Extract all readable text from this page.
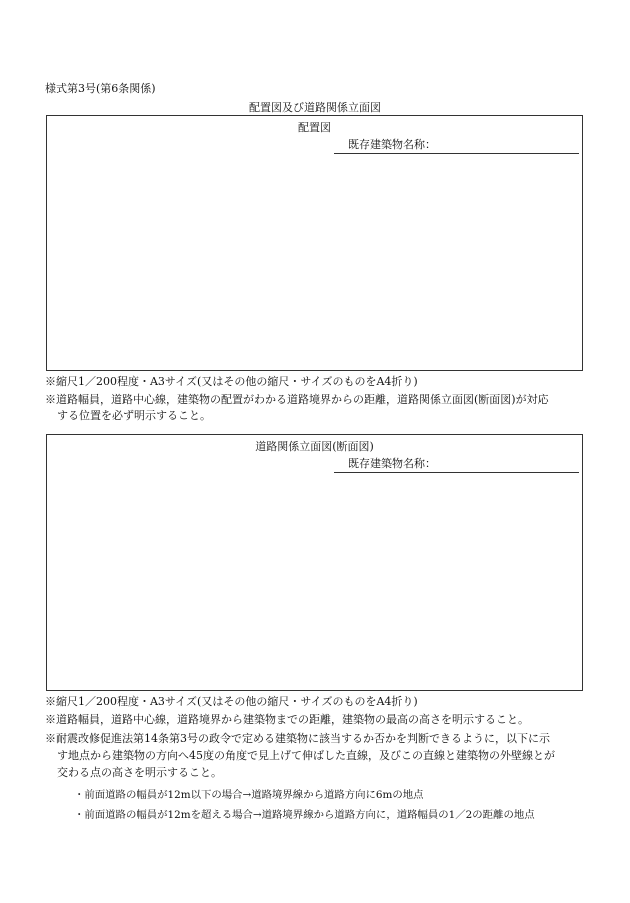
様式第3号(第6条関係)
配置図及び道路関係立面図
配置図
既存建築物名称：
※縮尺1／200程度・A3サイズ(又はその他の縮尺・サイズのものをA4折り)
※道路幅員，道路中心線，建築物の配置がわかる道路境界からの距離，道路関係立面図(断面図)が対応
する位置を必ず明示すること。
道路関係立面図(断面図)
既存建築物名称：
※縮尺1／200程度・A3サイズ(又はその他の縮尺・サイズのものをA4折り)
※道路幅員，道路中心線，道路境界から建築物までの距離，建築物の最高の高さを明示すること。
※耐震改修促進法第14条第3号の政令で定める建築物に該当するか否かを判断できるように，以下に示
す地点から建築物の方向へ45度の角度で見上げて伸ばした直線，及びこの直線と建築物の外壁線とが
交わる点の高さを明示すること。
・前面道路の幅員が12m以下の場合→道路境界線から道路方向に6mの地点
・前面道路の幅員が12mを超える場合→道路境界線から道路方向に，道路幅員の1／2の距離の地点
